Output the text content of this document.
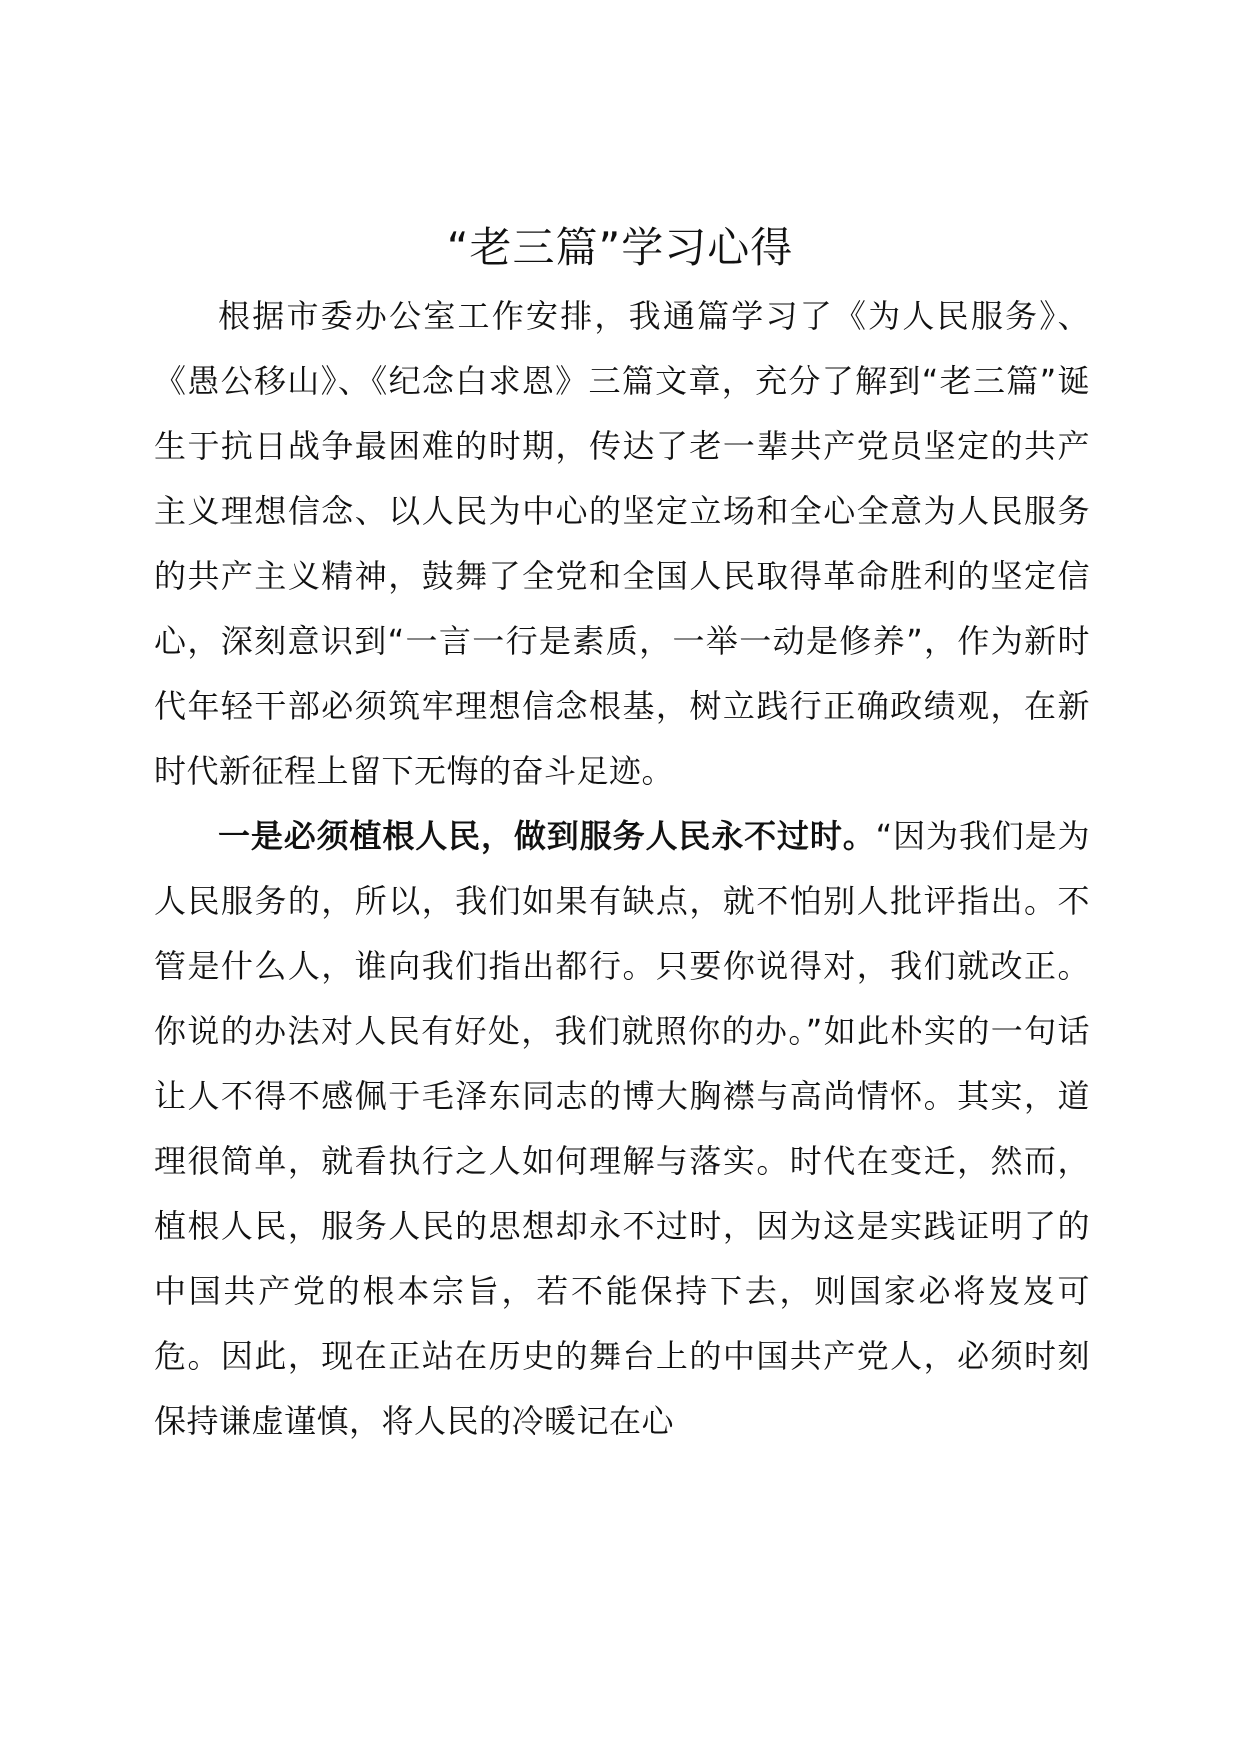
“老三篇”学习心得

根据市委办公室工作安排，我通篇学习了《为人民服务》、《愚公移山》、《纪念白求恩》三篇文章，充分了解到“老三篇”诞生于抗日战争最困难的时期，传达了老一辈共产党员坚定的共产主义理想信念、以人民为中心的坚定立场和全心全意为人民服务的共产主义精神，鼓舞了全党和全国人民取得革命胜利的坚定信心，深刻意识到“一言一行是素质，一举一动是修养”，作为新时代年轻干部必须筑牢理想信念根基，树立践行正确政绩观，在新时代新征程上留下无悔的奋斗足迹。

一是必须植根人民，做到服务人民永不过时。“因为我们是为人民服务的，所以，我们如果有缺点，就不怕别人批评指出。不管是什么人，谁向我们指出都行。只要你说得对，我们就改正。你说的办法对人民有好处，我们就照你的办。”如此朴实的一句话让人不得不感佩于毛泽东同志的博大胸襟与高尚情怀。其实，道理很简单，就看执行之人如何理解与落实。时代在变迁，然而，植根人民，服务人民的思想却永不过时，因为这是实践证明了的中国共产党的根本宗旨，若不能保持下去，则国家必将岌岌可危。因此，现在正站在历史的舞台上的中国共产党人，必须时刻保持谦虚谨慎，将人民的冷暖记在心
